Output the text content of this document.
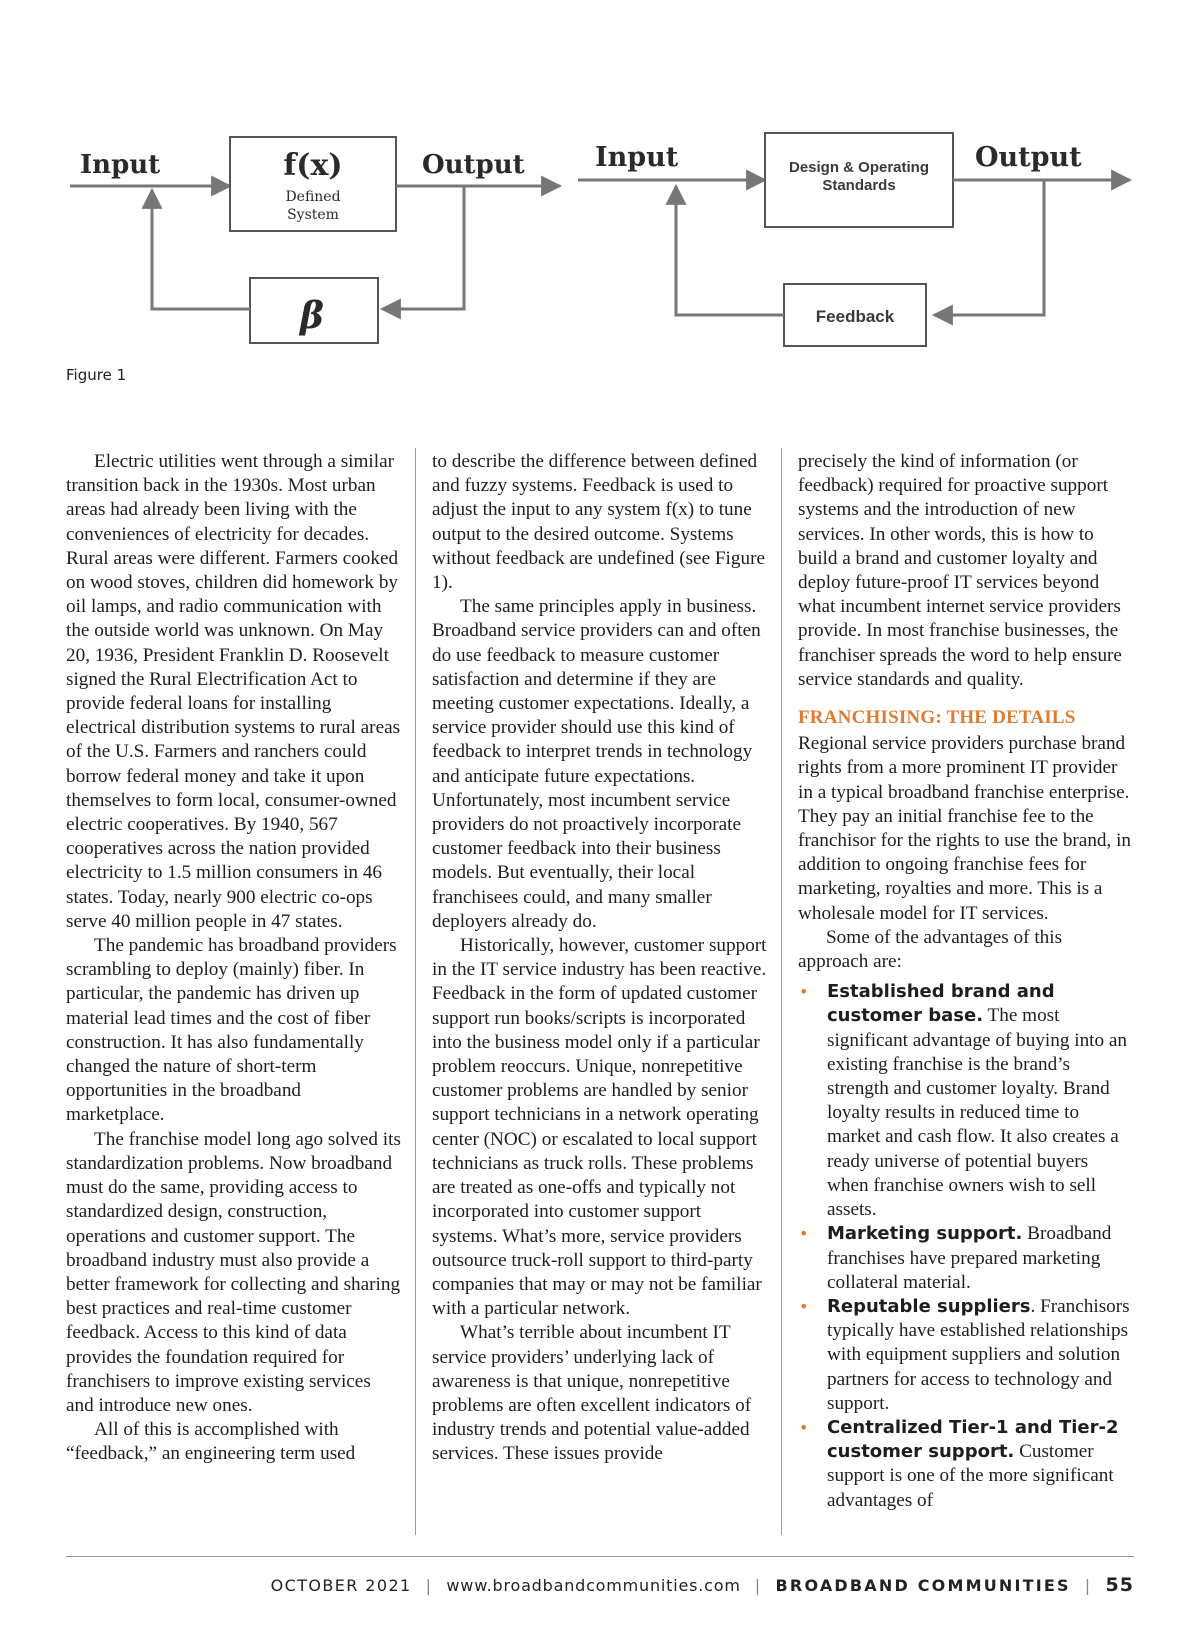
Input	Output
f(x)
Defined
System
β
Input	Output
Design & Operating
Standards
Feedback
Figure 1

Electric utilities went through a similar transition back in the 1930s. Most urban areas had already been living with the conveniences of electricity for decades. Rural areas were different. Farmers cooked on wood stoves, children did homework by oil lamps, and radio communication with the outside world was unknown. On May 20, 1936, President Franklin D. Roosevelt signed the Rural Electrification Act to provide federal loans for installing electrical distribution systems to rural areas of the U.S. Farmers and ranchers could borrow federal money and take it upon themselves to form local, consumer-owned electric cooperatives. By 1940, 567 cooperatives across the nation provided electricity to 1.5 million consumers in 46 states. Today, nearly 900 electric co-ops serve 40 million people in 47 states.

The pandemic has broadband providers scrambling to deploy (mainly) fiber. In particular, the pandemic has driven up material lead times and the cost of fiber construction. It has also fundamentally changed the nature of short-term opportunities in the broadband marketplace.

The franchise model long ago solved its standardization problems. Now broadband must do the same, providing access to standardized design, construction, operations and customer support. The broadband industry must also provide a better framework for collecting and sharing best practices and real-time customer feedback. Access to this kind of data provides the foundation required for franchisers to improve existing services and introduce new ones.

All of this is accomplished with “feedback,” an engineering term used

to describe the difference between defined and fuzzy systems. Feedback is used to adjust the input to any system f(x) to tune output to the desired outcome. Systems without feedback are undefined (see Figure 1).

The same principles apply in business. Broadband service providers can and often do use feedback to measure customer satisfaction and determine if they are meeting customer expectations. Ideally, a service provider should use this kind of feedback to interpret trends in technology and anticipate future expectations. Unfortunately, most incumbent service providers do not proactively incorporate customer feedback into their business models. But eventually, their local franchisees could, and many smaller deployers already do.

Historically, however, customer support in the IT service industry has been reactive. Feedback in the form of updated customer support run books/scripts is incorporated into the business model only if a particular problem reoccurs. Unique, nonrepetitive customer problems are handled by senior support technicians in a network operating center (NOC) or escalated to local support technicians as truck rolls. These problems are treated as one-offs and typically not incorporated into customer support systems. What’s more, service providers outsource truck-roll support to third-party companies that may or may not be familiar with a particular network.

What’s terrible about incumbent IT service providers’ underlying lack of awareness is that unique, nonrepetitive problems are often excellent indicators of industry trends and potential value-added services. These issues provide

precisely the kind of information (or feedback) required for proactive support systems and the introduction of new services. In other words, this is how to build a brand and customer loyalty and deploy future-proof IT services beyond what incumbent internet service providers provide. In most franchise businesses, the franchiser spreads the word to help ensure service standards and quality.

FRANCHISING: THE DETAILS

Regional service providers purchase brand rights from a more prominent IT provider in a typical broadband franchise enterprise. They pay an initial franchise fee to the franchisor for the rights to use the brand, in addition to ongoing franchise fees for marketing, royalties and more. This is a wholesale model for IT services.

Some of the advantages of this approach are:

• Established brand and customer base. The most significant advantage of buying into an existing franchise is the brand’s strength and customer loyalty. Brand loyalty results in reduced time to market and cash flow. It also creates a ready universe of potential buyers when franchise owners wish to sell assets.
• Marketing support. Broadband franchises have prepared marketing collateral material.
• Reputable suppliers. Franchisors typically have established relationships with equipment suppliers and solution partners for access to technology and support.
• Centralized Tier-1 and Tier-2 customer support. Customer support is one of the more significant advantages of
OCTOBER 2021 | www.broadbandcommunities.com | BROADBAND COMMUNITIES | 55
